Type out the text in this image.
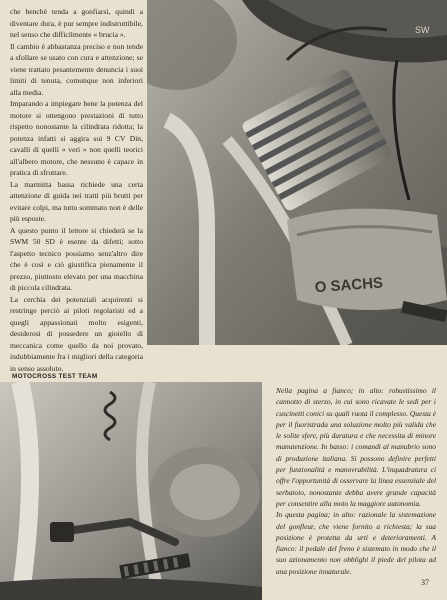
che benchè tenda a gonfiarsi, quindi a diventare dura, è pur sempre indistruttibile, nel senso che difficilmente « brucia ».

Il cambio è abbastanza preciso e non tende a sfollare se usato con cura e attenzione; se viene trattato pesantemente denuncia i suoi limiti di tenuta, comunque non inferiori alla media.

Imparando a impiegare bene la potenza del motore si ottengono prestazioni di tutto rispetto nonostante la cilindrata ridotta; la potenza infatti si aggira sui 9 CV Din, cavalli di quelli « veri » non quelli teorici all'albero motore, che nessuno è capace in pratica di sfruttare.

La marmitta bassa richiede una certa attenzione di guida nei tratti più brutti per evitare colpi, ma tutto sommato non è delle più esposte.

A questo punto il lettore si chiederà se la SWM 50 SD è esente da difetti; sotto l'aspetto tecnico possiamo senz'altro dire che è così e ciò giustifica pienamente il prezzo, piuttosto elevato per una macchina di piccola cilindrata.

La cerchia dei potenziali acquirenti si restringe perciò ai piloti regolaristi ed a quegli appassionati molto esigenti, desiderosi di possedere un gioiello di meccanica come quello da noi provato, indubbiamente fra i migliori della categoria in senso assoluto.

MOTOCROSS TEST TEAM
O SACHS
SW

Nella pagina a fianco; in alto: robustissimo il cannotto di sterzo, in cui sono ricavate le sedi per i cuscinetti conici su quali ruota il complesso. Questa è per il fuoristrada una soluzione molto più valida che le solite sfere, più duratura e che necessita di minore manutenzione. In basso: i comandi al manubrio sono di produzione italiana. Si possono definire perfetti per funzionalità e manovrabilità. L'inquadratura ci offre l'opportunità di osservare la linea essenziale del serbatoio, nonostante debba avere grande capacità per consentire alla moto la maggiore autonomia.

In questa pagina; in alto: razionale la sistemazione del gonfleur, che viene fornito a richiesta; la sua posizione è protetta da urti e deterioramenti. A fianco: il pedale del freno è sistemato in modo che il suo azionamento non obblighi il piede del pilota ad una posizione innaturale.

37
